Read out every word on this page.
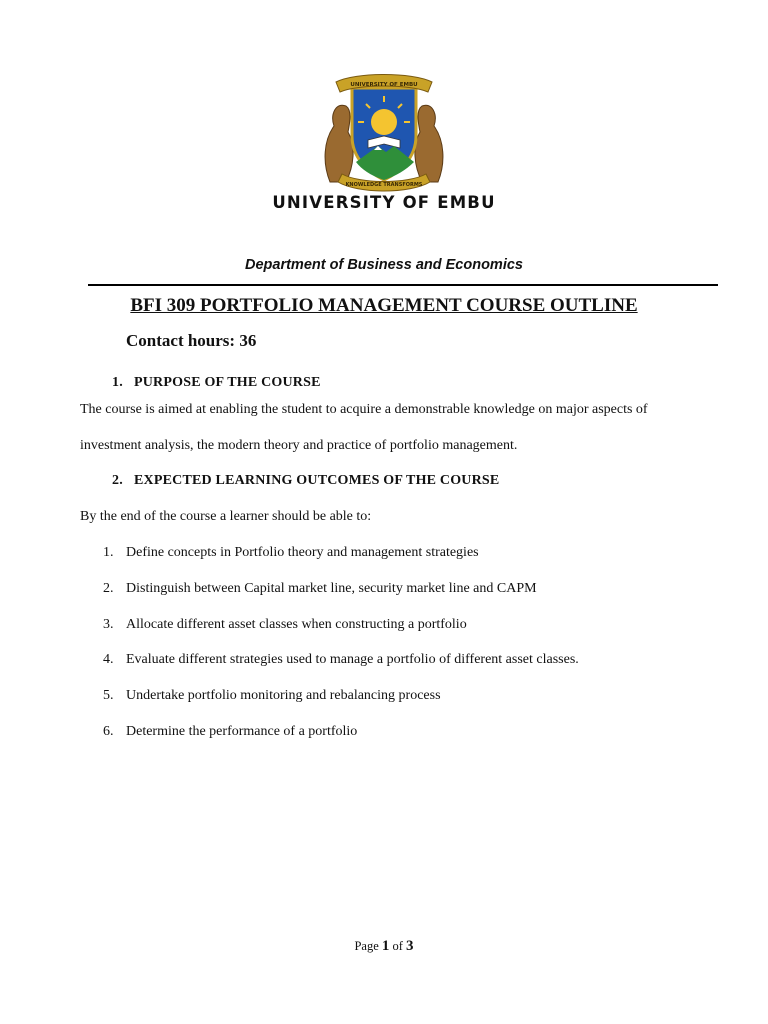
UNIVERSITY OF EMBU
KNOWLEDGE TRANSFORMS
UNIVERSITY OF EMBU
Department of Business and Economics
BFI 309 PORTFOLIO MANAGEMENT COURSE OUTLINE
Contact hours: 36
1. PURPOSE OF THE COURSE
The course is aimed at enabling the student to acquire a demonstrable knowledge on major aspects of
investment analysis, the modern theory and practice of portfolio management.
2. EXPECTED LEARNING OUTCOMES OF THE COURSE
By the end of the course a learner should be able to:
1. Define concepts in Portfolio theory and management strategies
2. Distinguish between Capital market line, security market line and CAPM
3. Allocate different asset classes when constructing a portfolio
4. Evaluate different strategies used to manage a portfolio of different asset classes.
5. Undertake portfolio monitoring and rebalancing process
6. Determine the performance of a portfolio
Page 1 of 3
